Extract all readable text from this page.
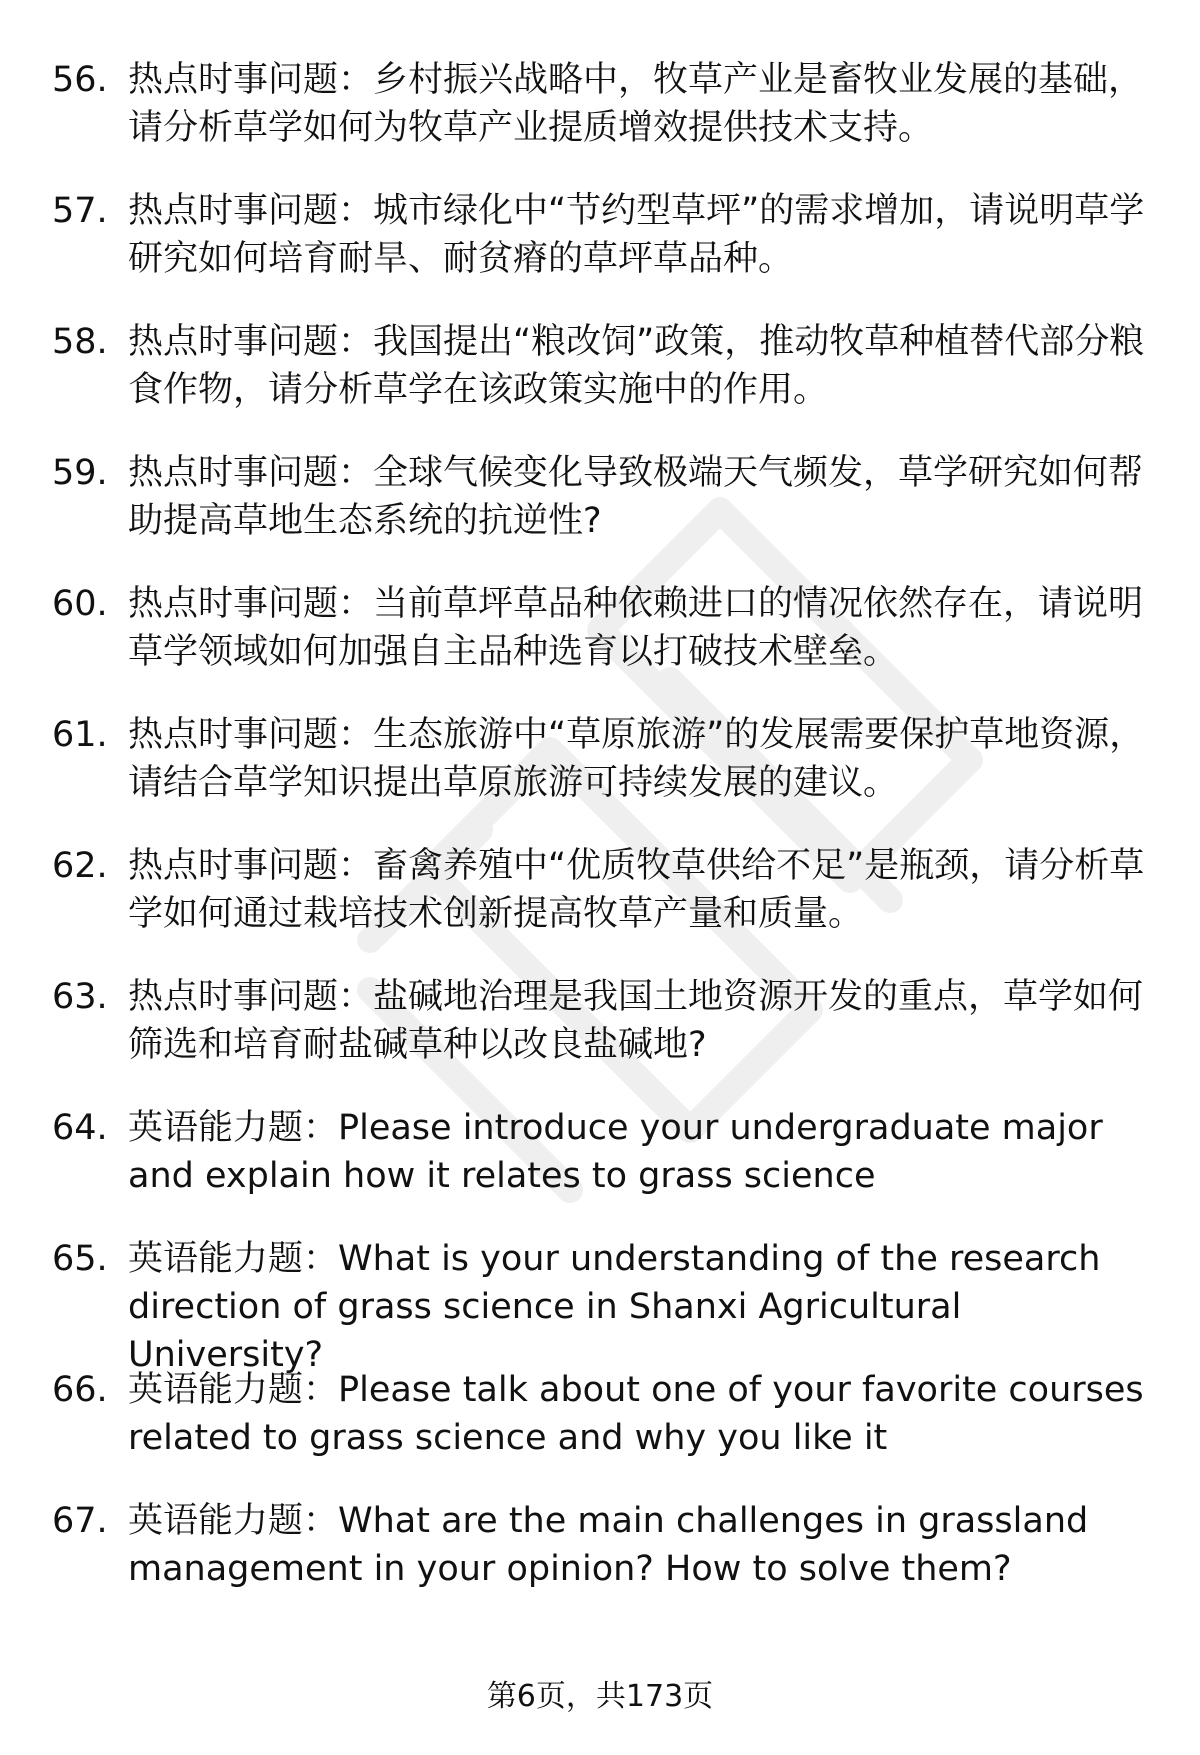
56. 热点时事问题：乡村振兴战略中，牧草产业是畜牧业发展的基础，请分析草学如何为牧草产业提质增效提供技术支持。
57. 热点时事问题：城市绿化中“节约型草坪”的需求增加，请说明草学研究如何培育耐旱、耐贫瘠的草坪草品种。
58. 热点时事问题：我国提出“粮改饲”政策，推动牧草种植替代部分粮食作物，请分析草学在该政策实施中的作用。
59. 热点时事问题：全球气候变化导致极端天气频发，草学研究如何帮助提高草地生态系统的抗逆性?
60. 热点时事问题：当前草坪草品种依赖进口的情况依然存在，请说明草学领域如何加强自主品种选育以打破技术壁垒。
61. 热点时事问题：生态旅游中“草原旅游”的发展需要保护草地资源，请结合草学知识提出草原旅游可持续发展的建议。
62. 热点时事问题：畜禽养殖中“优质牧草供给不足”是瓶颈，请分析草学如何通过栽培技术创新提高牧草产量和质量。
63. 热点时事问题：盐碱地治理是我国土地资源开发的重点，草学如何筛选和培育耐盐碱草种以改良盐碱地?
64. 英语能力题：Please introduce your undergraduate major and explain how it relates to grass science
65. 英语能力题：What is your understanding of the research direction of grass science in Shanxi Agricultural University?
66. 英语能力题：Please talk about one of your favorite courses related to grass science and why you like it
67. 英语能力题：What are the main challenges in grassland management in your opinion? How to solve them?
第6页，共173页
